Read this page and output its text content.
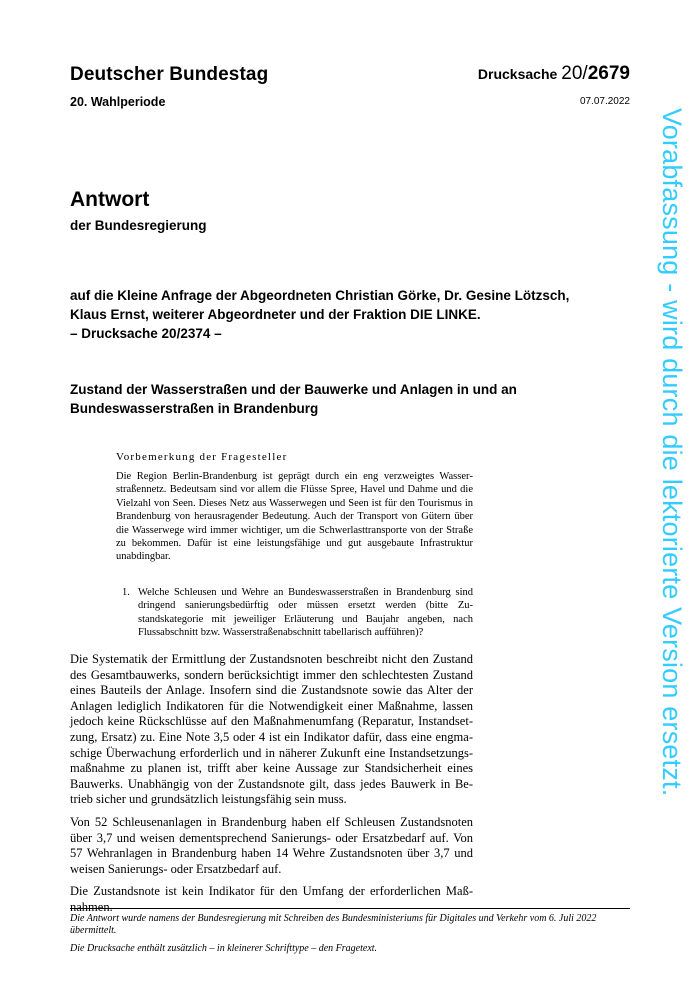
Deutscher Bundestag
20. Wahlperiode
Drucksache 20/2679
07.07.2022
Antwort
der Bundesregierung
auf die Kleine Anfrage der Abgeordneten Christian Görke, Dr. Gesine Lötzsch,
Klaus Ernst, weiterer Abgeordneter und der Fraktion DIE LINKE.
– Drucksache 20/2374 –
Zustand der Wasserstraßen und der Bauwerke und Anlagen in und an
Bundeswasserstraßen in Brandenburg
Vorbemerkung der Fragesteller
Die Region Berlin-Brandenburg ist geprägt durch ein eng verzweigtes Wasserstraßennetz. Bedeutsam sind vor allem die Flüsse Spree, Havel und Dahme und die Vielzahl von Seen. Dieses Netz aus Wasserwegen und Seen ist für den Tourismus in Brandenburg von herausragender Bedeutung. Auch der Transport von Gütern über die Wasserwege wird immer wichtiger, um die Schwerlasttransporte von der Straße zu bekommen. Dafür ist eine leistungsfähige und gut ausgebaute Infrastruktur unabdingbar.
1. Welche Schleusen und Wehre an Bundeswasserstraßen in Brandenburg sind dringend sanierungsbedürftig oder müssen ersetzt werden (bitte Zustandskategorie mit jeweiliger Erläuterung und Baujahr angeben, nach Flussabschnitt bzw. Wasserstraßenabschnitt tabellarisch aufführen)?

Die Systematik der Ermittlung der Zustandsnoten beschreibt nicht den Zustand des Gesamtbauwerks, sondern berücksichtigt immer den schlechtesten Zustand eines Bauteils der Anlage. Insofern sind die Zustandsnote sowie das Alter der Anlagen lediglich Indikatoren für die Notwendigkeit einer Maßnahme, lassen jedoch keine Rückschlüsse auf den Maßnahmenumfang (Reparatur, Instandsetzung, Ersatz) zu. Eine Note 3,5 oder 4 ist ein Indikator dafür, dass eine engmaschige Überwachung erforderlich und in näherer Zukunft eine Instandsetzungsmaßnahme zu planen ist, trifft aber keine Aussage zur Standsicherheit eines Bauwerks. Unabhängig von der Zustandsnote gilt, dass jedes Bauwerk in Betrieb sicher und grundsätzlich leistungsfähig sein muss.

Von 52 Schleusenanlagen in Brandenburg haben elf Schleusen Zustandsnoten über 3,7 und weisen dementsprechend Sanierungs- oder Ersatzbedarf auf. Von 57 Wehranlagen in Brandenburg haben 14 Wehre Zustandsnoten über 3,7 und weisen Sanierungs- oder Ersatzbedarf auf.

Die Zustandsnote ist kein Indikator für den Umfang der erforderlichen Maßnahmen.

Die Antwort wurde namens der Bundesregierung mit Schreiben des Bundesministeriums für Digitales und Verkehr vom 6. Juli 2022 übermittelt.

Die Drucksache enthält zusätzlich – in kleinerer Schrifttype – den Fragetext.

Vorabfassung - wird durch die lektorierte Version ersetzt.
